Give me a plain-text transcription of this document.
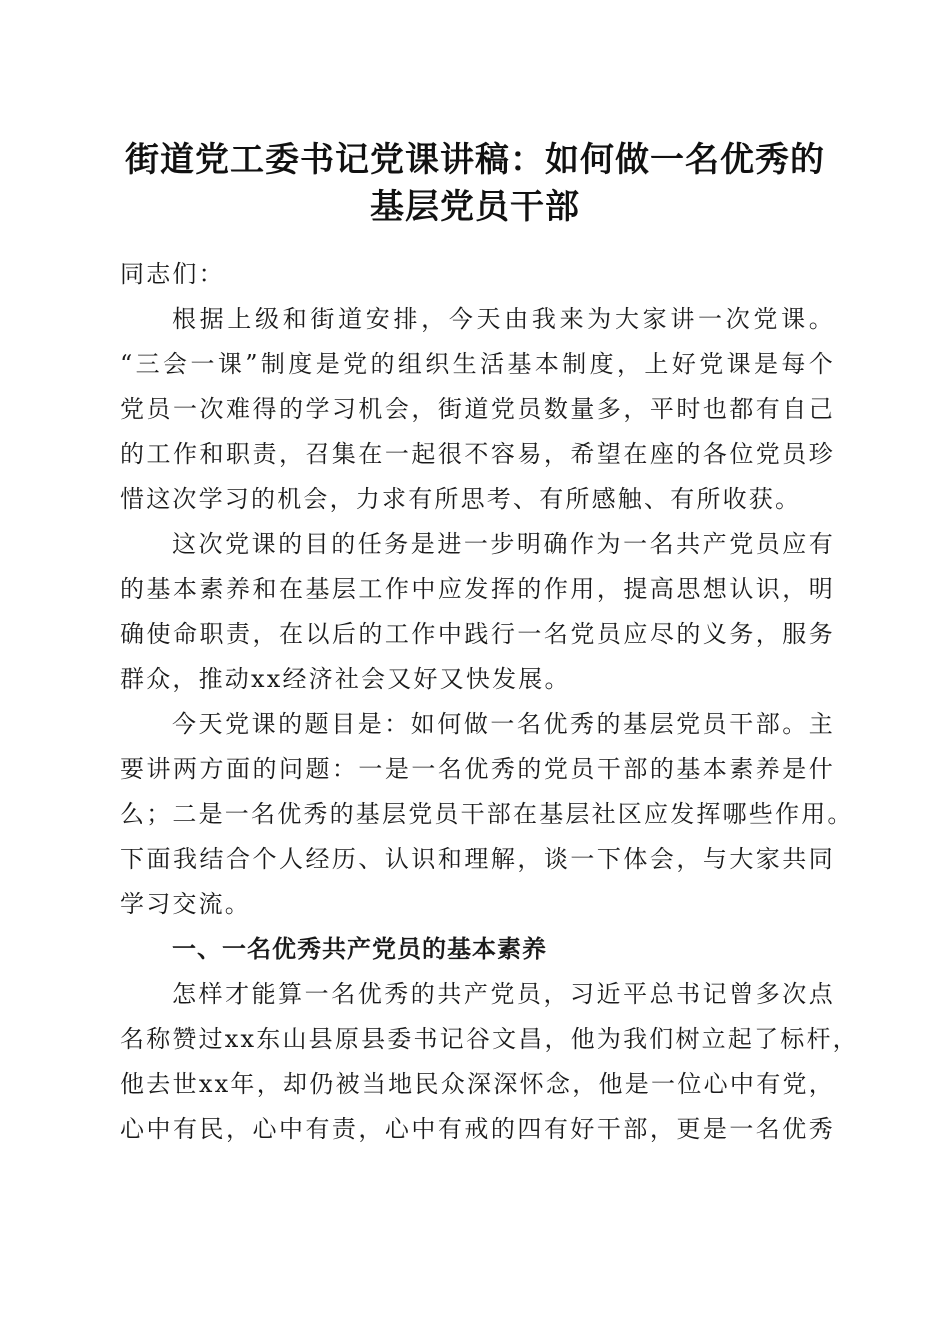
街道党工委书记党课讲稿：如何做一名优秀的
基层党员干部
同志们：
根据上级和街道安排，今天由我来为大家讲一次党课。
“三会一课”制度是党的组织生活基本制度，上好党课是每个
党员一次难得的学习机会，街道党员数量多，平时也都有自己
的工作和职责，召集在一起很不容易，希望在座的各位党员珍
惜这次学习的机会，力求有所思考、有所感触、有所收获。
这次党课的目的任务是进一步明确作为一名共产党员应有
的基本素养和在基层工作中应发挥的作用，提高思想认识，明
确使命职责，在以后的工作中践行一名党员应尽的义务，服务
群众，推动xx经济社会又好又快发展。
今天党课的题目是：如何做一名优秀的基层党员干部。主
要讲两方面的问题：一是一名优秀的党员干部的基本素养是什
么；二是一名优秀的基层党员干部在基层社区应发挥哪些作用。
下面我结合个人经历、认识和理解，谈一下体会，与大家共同
学习交流。
一、一名优秀共产党员的基本素养
怎样才能算一名优秀的共产党员，习近平总书记曾多次点
名称赞过xx东山县原县委书记谷文昌，他为我们树立起了标杆，
他去世xx年，却仍被当地民众深深怀念，他是一位心中有党，
心中有民，心中有责，心中有戒的四有好干部，更是一名优秀
